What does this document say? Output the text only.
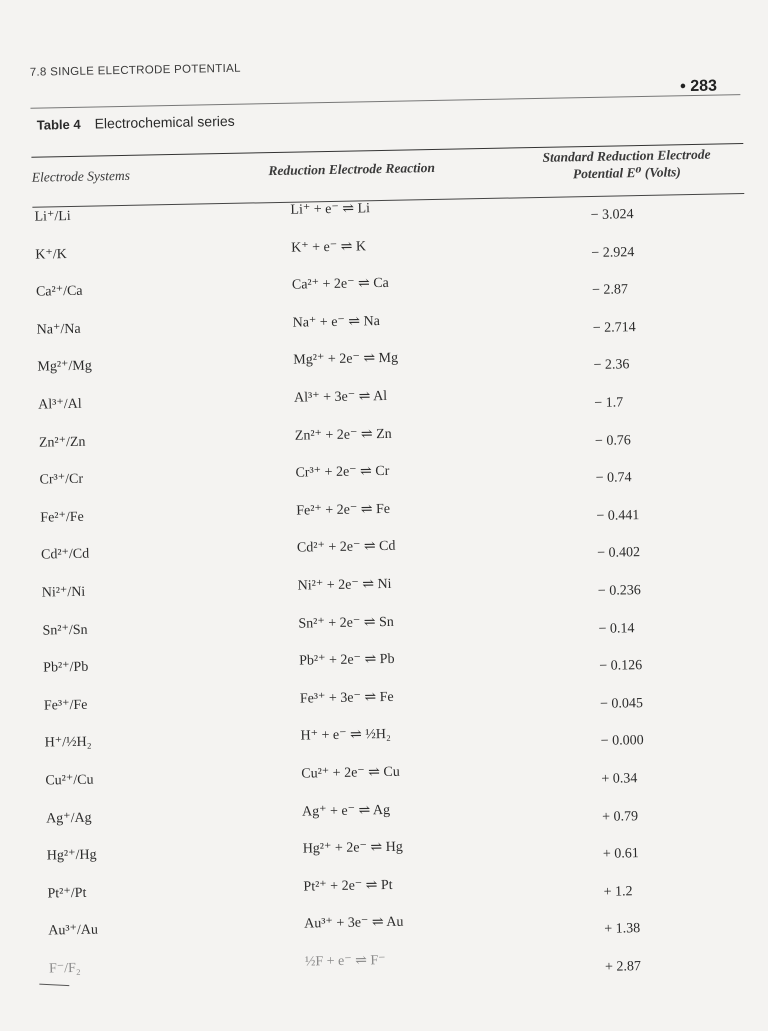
7.8 SINGLE ELECTRODE POTENTIAL
• 283
Table 4 Electrochemical series
Electrode Systems	Reduction Electrode Reaction
Standard Reduction Electrode
Potential E⁰ (Volts)
Li⁺/Li	Li⁺ + e⁻ ⇌ Li	− 3.024
K⁺/K	K⁺ + e⁻ ⇌ K	− 2.924
Ca²⁺/Ca	Ca²⁺ + 2e⁻ ⇌ Ca	− 2.87
Na⁺/Na	Na⁺ + e⁻ ⇌ Na	− 2.714
Mg²⁺/Mg	Mg²⁺ + 2e⁻ ⇌ Mg	− 2.36
Al³⁺/Al	Al³⁺ + 3e⁻ ⇌ Al	− 1.7
Zn²⁺/Zn	Zn²⁺ + 2e⁻ ⇌ Zn	− 0.76
Cr³⁺/Cr	Cr³⁺ + 2e⁻ ⇌ Cr	− 0.74
Fe²⁺/Fe	Fe²⁺ + 2e⁻ ⇌ Fe	− 0.441
Cd²⁺/Cd	Cd²⁺ + 2e⁻ ⇌ Cd	− 0.402
Ni²⁺/Ni	Ni²⁺ + 2e⁻ ⇌ Ni	− 0.236
Sn²⁺/Sn	Sn²⁺ + 2e⁻ ⇌ Sn	− 0.14
Pb²⁺/Pb	Pb²⁺ + 2e⁻ ⇌ Pb	− 0.126
Fe³⁺/Fe	Fe³⁺ + 3e⁻ ⇌ Fe	− 0.045
H⁺/½H₂	H⁺ + e⁻ ⇌ ½H₂	− 0.000
Cu²⁺/Cu	Cu²⁺ + 2e⁻ ⇌ Cu	+ 0.34
Ag⁺/Ag	Ag⁺ + e⁻ ⇌ Ag	+ 0.79
Hg²⁺/Hg	Hg²⁺ + 2e⁻ ⇌ Hg	+ 0.61
Pt²⁺/Pt	Pt²⁺ + 2e⁻ ⇌ Pt	+ 1.2
Au³⁺/Au	Au³⁺ + 3e⁻ ⇌ Au	+ 1.38
F⁻/F₂	½F + e⁻ ⇌ F⁻	+ 2.87
